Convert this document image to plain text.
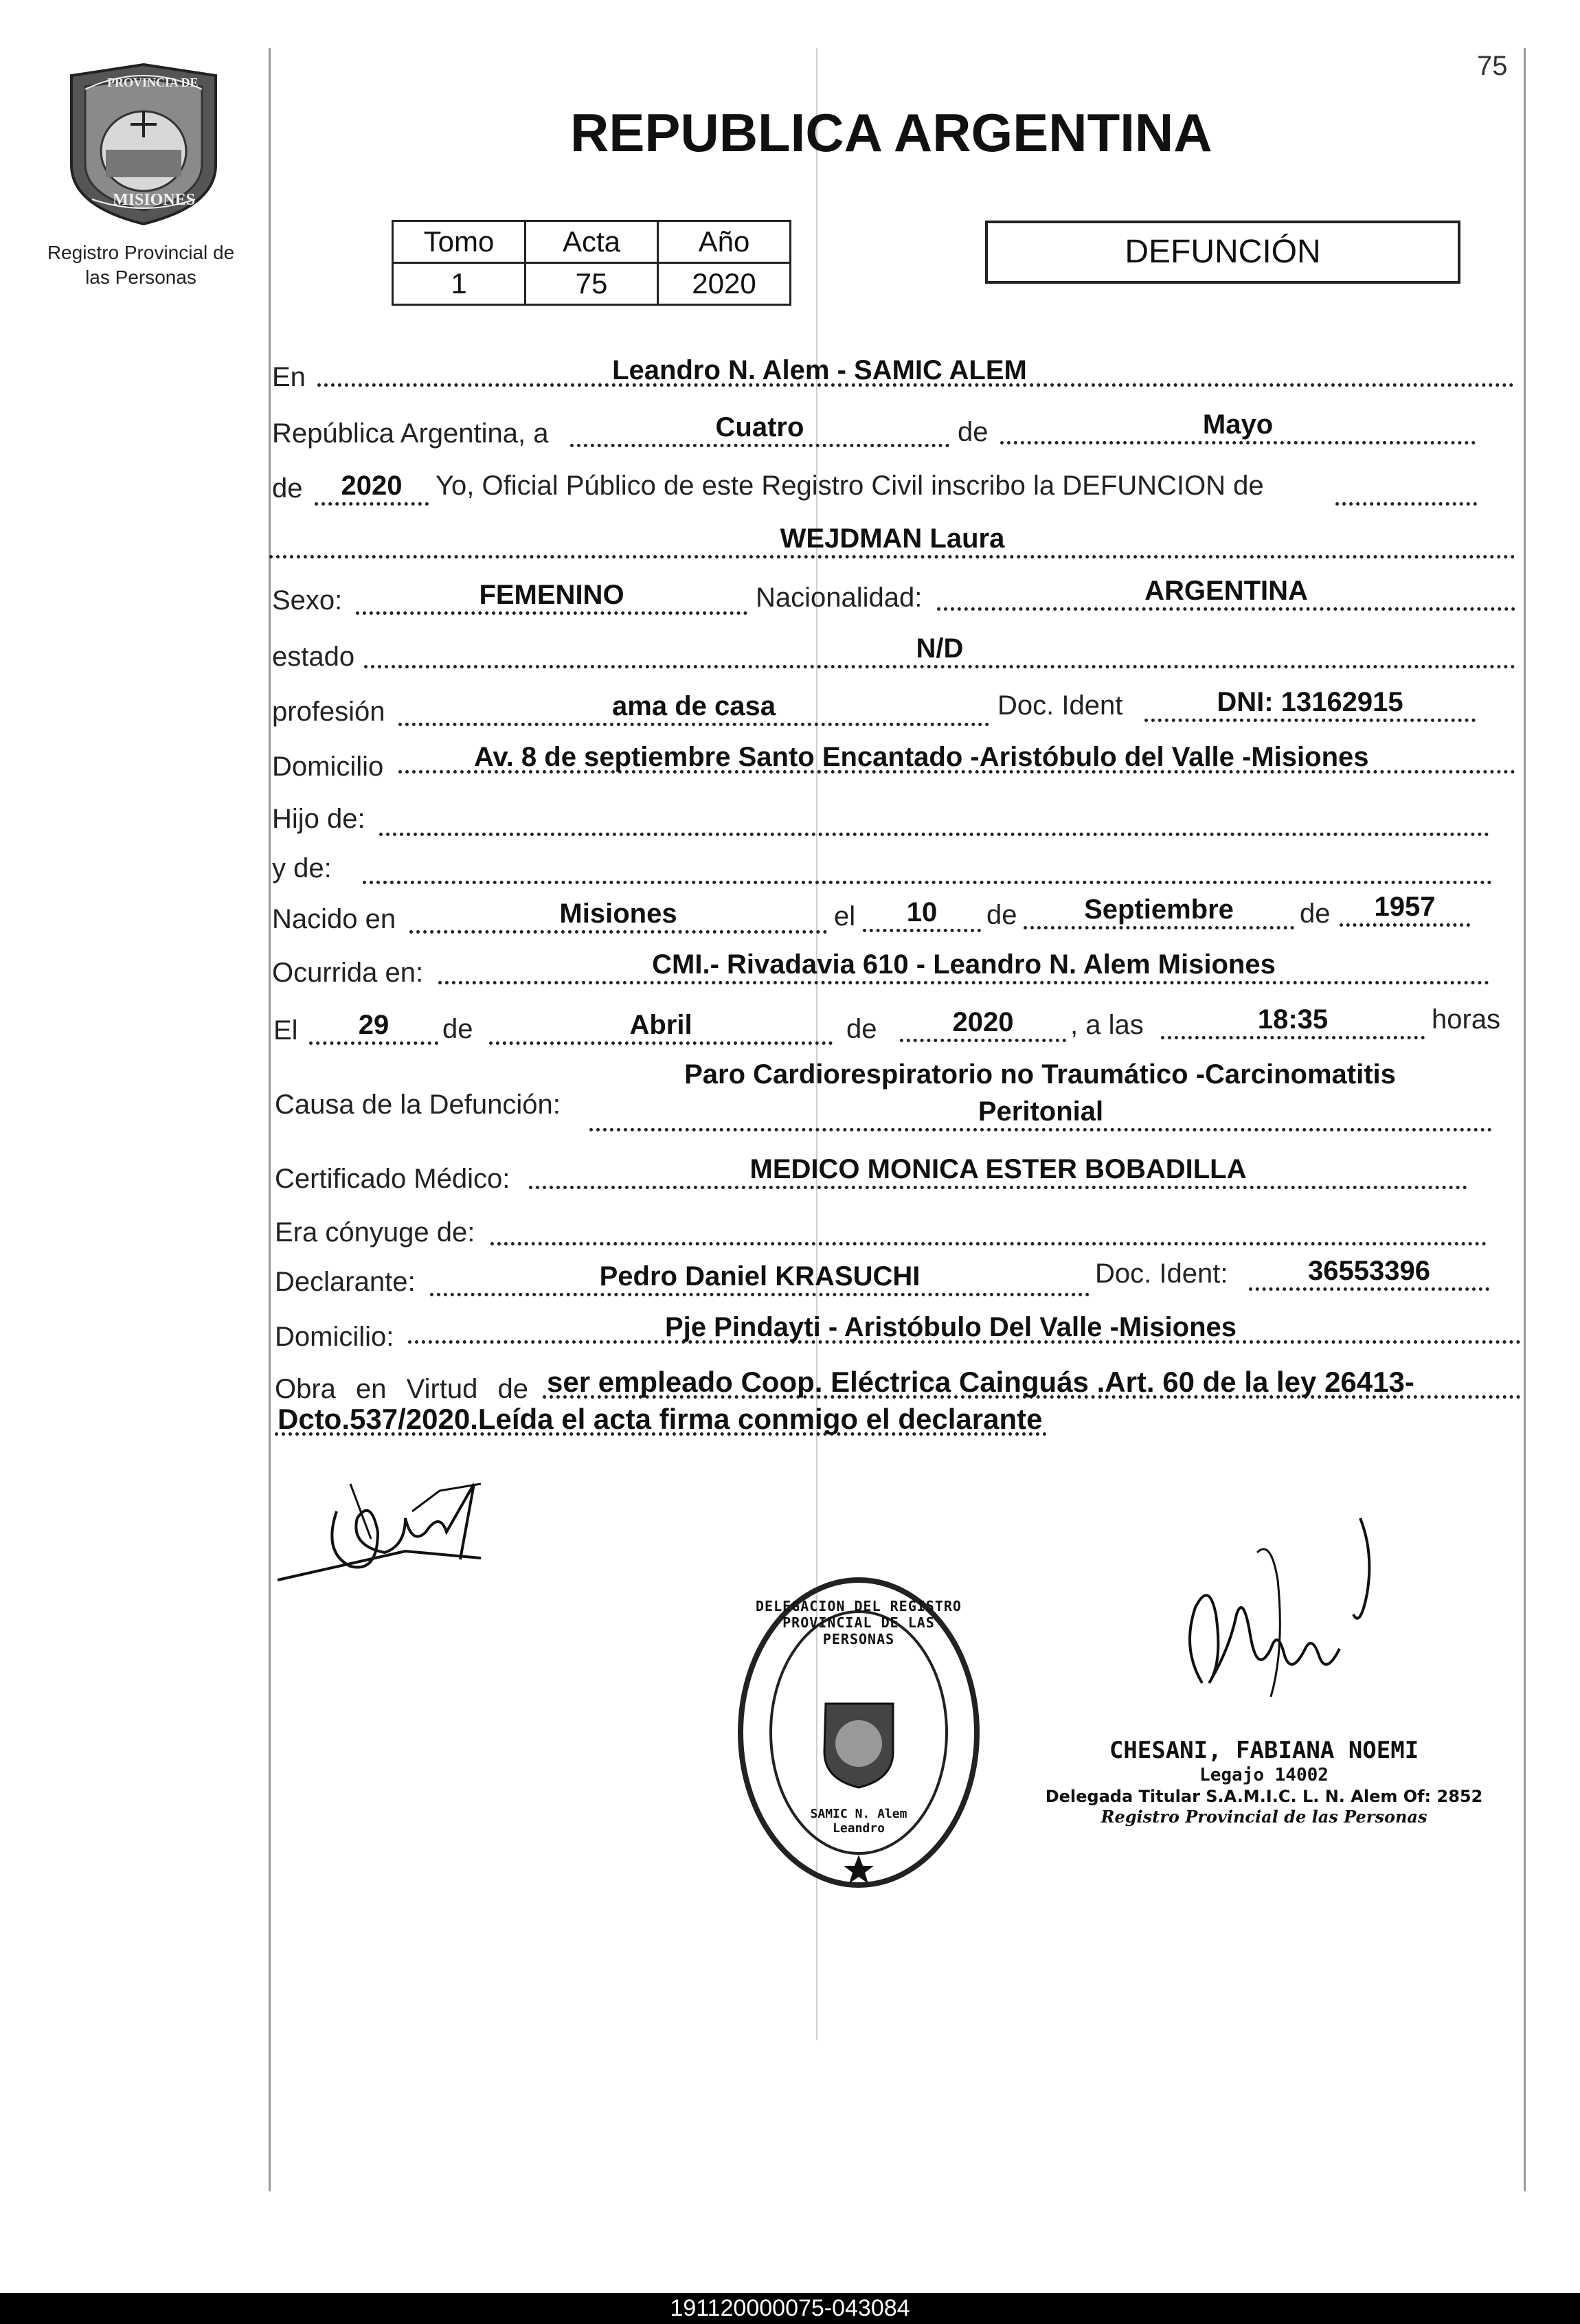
75
PROVINCIA DE
MISIONES
Registro Provincial de
las Personas
REPUBLICA ARGENTINA
Tomo	Acta	Año
1	75	2020
DEFUNCIÓN
En	Leandro N. Alem - SAMIC ALEM
República Argentina, a	Cuatro	de	Mayo
de	2020	Yo, Oficial Público de este Registro Civil inscribo la DEFUNCION de
WEJDMAN Laura
Sexo:	FEMENINO	Nacionalidad:	ARGENTINA
estado	N/D
profesión	ama de casa	Doc. Ident	DNI: 13162915
Domicilio	Av. 8 de septiembre Santo Encantado -Aristóbulo del Valle -Misiones
Hijo de:
y de:
Nacido en	Misiones	el	10	de	Septiembre	de	1957
Ocurrida en:	CMI.- Rivadavia 610 - Leandro N. Alem Misiones
El	29	de	Abril	de	2020	, a las	18:35	horas
Causa de la Defunción:
Paro Cardiorespiratorio no Traumático -Carcinomatitis
Peritonial
Certificado Médico:	MEDICO MONICA ESTER BOBADILLA
Era cónyuge de:
Declarante:	Pedro Daniel KRASUCHI	Doc. Ident:	36553396
Domicilio:	Pje Pindayti - Aristóbulo Del Valle -Misiones
Obra en Virtud de ser empleado Coop. Eléctrica Cainguás .Art. 60 de la ley 26413-
Dcto.537/2020.Leída el acta firma conmigo el declarante
DELEGACION DEL REGISTRO PROVINCIAL DE LAS PERSONAS
SAMIC N. Alem Leandro
CHESANI, FABIANA NOEMI
Legajo 14002
Delegada Titular S.A.M.I.C. L. N. Alem Of: 2852
Registro Provincial de las Personas
191120000075-043084
